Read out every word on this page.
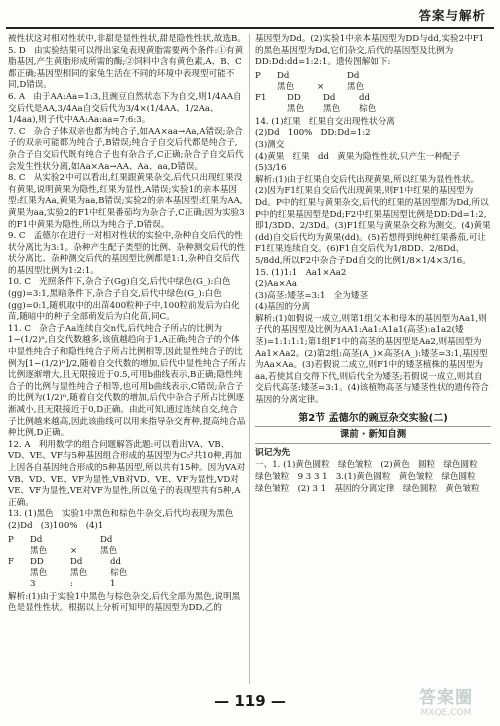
答案与解析

被性状这对相对性状中,非甜是显性性状,甜是隐性性状,故选B。

5. D   由实验结果可以得出家兔表现黄脂需要两个条件:①有黄脂基因,产生黄脂形成所需的酶;②饲料中含有黄色素,A、B、C都正确;基因型相同的家兔生活在不同的环境中表现型可能不同,D错误。

6. A   由于AA:Aa=1:3,且豌豆自然状态下为自交,则1/4AA自交后代是AA,3/4Aa自交后代为3/4×(1/4AA、1/2Aa、1/4aa),则子代中AA:Aa:aa=7:6:3。

7. C   杂合子体双亲也都为纯合子,如AA×aa→Aa,A错误;杂合子的双亲可能都为纯合子,B错误;纯合子自交后代都是纯合子,杂合子自交后代既有纯合子也有杂合子,C正确;杂合子自交后代会发生性状分离,如Aa×Aa→AA、Aa、aa,D错误。

8. C   从实验2中可以看出,红果跟黄果杂交,后代只出现红果没有黄果,说明黄果为隐性,红果为显性,A错误;实验1的亲本基因型:红果为Aa,黄果为aa,B错误;实验2的亲本基因型:红果为AA,黄果为aa,实验2的F1中红果番茄均为杂合子,C正确;因为实验3的F1中黄果为隐性,所以为纯合子,D错误。

9. C   孟德尔在进行一对相对性状的实验中,杂种自交后代的性状分离比为3:1。杂种产生配子类型的比例、杂种测交后代的性状分离比、杂种测交后代的基因型比例都是1:1,杂种自交后代的基因型比例为1:2:1。

10. C   光照条件下,杂合子(Gg)自交,后代中绿色(G_):白色(gg)=3:1,黑暗条件下,杂合子自交,后代中绿色(G_):白色(gg)=0:1,随机取中的出苗400粒种子中,100粒前发后为白化苗,随暗中的种子全部萌发后为白化苗,同C。

11. C   杂合子Aa连续自交n代,后代纯合子所占的比例为1−(1/2)ⁿ,自交代数越多,该值越趋向于1,A正确;纯合子的个体中显性纯合子和隐性纯合子所占比例相等,因此显性纯合子的比例为[1−(1/2)ⁿ]/2,随着自交代数的增加,后代中显性纯合子所占比例逐渐增大,且无限接近于0.5,可用b曲线表示,B正确;隐性纯合子的比例与显性纯合子相等,也可用b曲线表示,C错误;杂合子的比例为(1/2)ⁿ,随着自交代数的增加,后代中杂合子所占比例逐渐减小,且无限接近于0,D正确。由此可知,通过连续自交,纯合子比例越来越高,因此该曲线可以用来指导杂交育种,提高纯合品种比例,D正确。

12. A   利用数学的组合问题解答此题:可以看出VA、VB、VD、VE、VF与5种基因组合形成的基因型为C₅²共10种,再加上因各自基因纯合形成的5种基因型,所以共有15种。因为VA对VB、VD、VE、VF为显性,VB对VD、VE、VF为显性,VD对VE、VF为显性,VE对VF为显性,所以兔子的表现型共有5种,A正确。

13. (1)黑色   实验1中黑色和棕色牛杂交,后代均表现为黑色   (2)Dd   (3)100%   (4)1

P	Dd	Dd
黑色	×	黑色
F	DD	Dd	dd
黑色	黑色	棕色
3	:	1

解析:(1)由于实验1中黑色与棕色杂交,后代全部为黑色,说明黑色是显性性状。根据以上分析可知甲的基因型为DD,乙的

基因型为Dd。(2)实验1中亲本基因型为DD与dd,实验2中F1的黑色基因型为Dd,它们杂交,后代的基因型及比例为DD:Dd:dd=1:2:1。遗传图解如下:

P	Dd	Dd
黑色	×	黑色
F1	DD	Dd	dd
黑色	黑色	棕色

14. (1)红果   红果自交出现性状分离

(2)Dd   100%   DD:Dd=1:2

(3)测交

(4)黄果   红果   dd   黄果为隐性性状,只产生一种配子

(5)3/16

解析:(1)由于红果自交后代出现黄果,所以红果为显性性状。(2)因为F1红果自交后代出现黄果,则F1中红果的基因型为Dd。P中的红果与黄果杂交,后代的红果的基因型都为Dd,所以P中的红果基因型是Dd;F2中红果基因型比例是DD:Dd=1:2,即1/3DD、2/3Dd。(3)F1红果与黄果杂交称为测交。(4)黄果(dd)自交后代均为黄果(dd)。(5)若想得到纯种红果番茄,可让F1红果连续自交。(6)F1自交后代为1/8DD、2/8Dd、5/8dd,所以F2中杂合子Dd自交的比例1/8×1/4×3/16。

15. (1)1:1   Aa1×Aa2

(2)Aa×Aa

(3)高茎:矮茎=3:1   全为矮茎

(4)基因的分离

解析:(1)如假说一成立,则第1组父本和母本的基因型为Aa1,则子代的基因型及比例为AA1:Aa1:A1a1(高茎):a1a2(矮茎)=1:1:1:1;第1组F1中的高茎的基因型是Aa2,则基因型为Aa1×Aa2。(2)第2组:高茎(A_)×高茎(A_):矮茎=3:1,基因型为Aa×Aa。(3)若假说二成立,则F1中的矮茎植株的基因型为aa,若使其自交得下代,则后代全为矮茎;若假说一成立,则其自交后代高茎:矮茎=3:1。(4)该植物高茎与矮茎性状的遗传符合基因的分离定律。

第2节 孟德尔的豌豆杂交实验(二)
课前 · 新知自测
识记为先

一、1. (1)黄色圆粒   绿色皱粒   (2)黄色   圆粒   绿色圆粒   绿色皱粒   9 3 3 1   3.(1)黄色圆粒   黄色皱粒   绿色圆粒   绿色皱粒   (2) 3 1   基因的分离定律   绿色圆粒   黄色皱粒

— 119 —	答案圈
MXQE.COM
